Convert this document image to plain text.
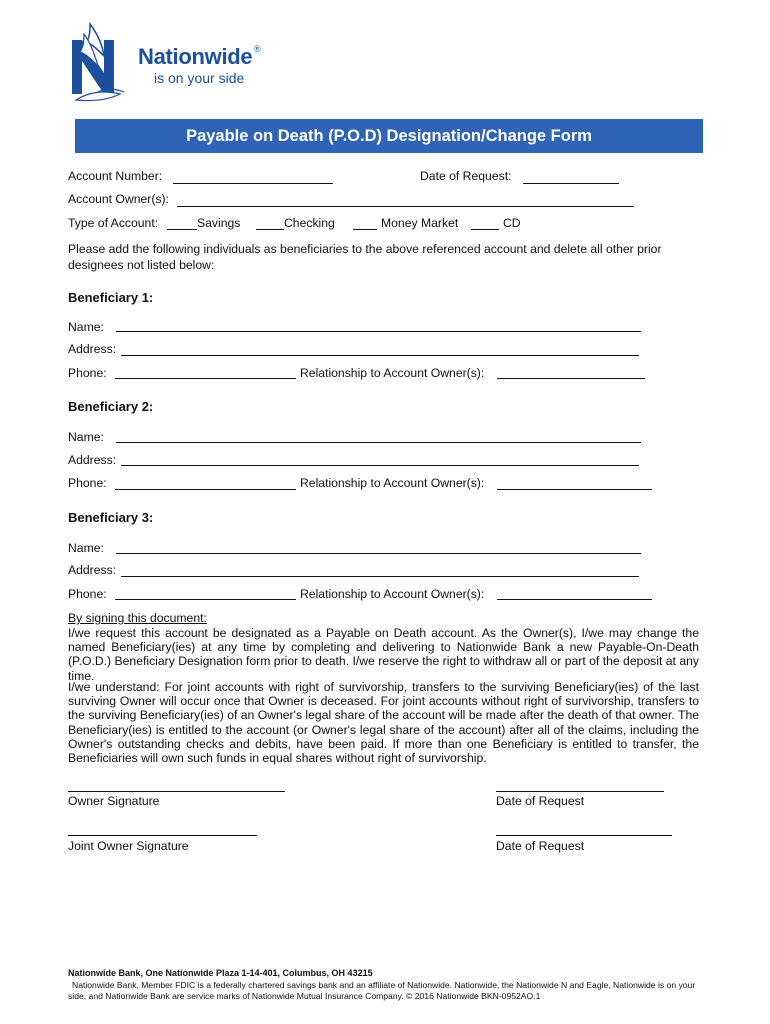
Nationwide ®
is on your side
Payable on Death (P.O.D) Designation/Change Form
Account Number:	Date of Request:
Account Owner(s):
Type of Account:	Savings	Checking	Money Market	CD
Please add the following individuals as beneficiaries to the above referenced account and delete all other prior designees not listed below:
Beneficiary 1:
Name:
Address:
Phone:	Relationship to Account Owner(s):
Beneficiary 2:
Name:
Address:
Phone:	Relationship to Account Owner(s):
Beneficiary 3:
Name:
Address:
Phone:	Relationship to Account Owner(s):
By signing this document:
I/we request this account be designated as a Payable on Death account. As the Owner(s), I/we may change the named Beneficiary(ies) at any time by completing and delivering to Nationwide Bank a new Payable-On-Death (P.O.D.) Beneficiary Designation form prior to death. I/we reserve the right to withdraw all or part of the deposit at any time.
I/we understand: For joint accounts with right of survivorship, transfers to the surviving Beneficiary(ies) of the last surviving Owner will occur once that Owner is deceased. For joint accounts without right of survivorship, transfers to the surviving Beneficiary(ies) of an Owner's legal share of the account will be made after the death of that owner. The Beneficiary(ies) is entitled to the account (or Owner's legal share of the account) after all of the claims, including the Owner's outstanding checks and debits, have been paid. If more than one Beneficiary is entitled to transfer, the Beneficiaries will own such funds in equal shares without right of survivorship.
Owner Signature	Date of Request
Joint Owner Signature	Date of Request
Nationwide Bank, One Nationwide Plaza 1-14-401, Columbus, OH 43215
Nationwide Bank, Member FDIC is a federally chartered savings bank and an affiliate of Nationwide. Nationwide, the Nationwide N and Eagle, Nationwide is on your side, and Nationwide Bank are service marks of Nationwide Mutual Insurance Company. © 2016 Nationwide BKN-0952AO.1
